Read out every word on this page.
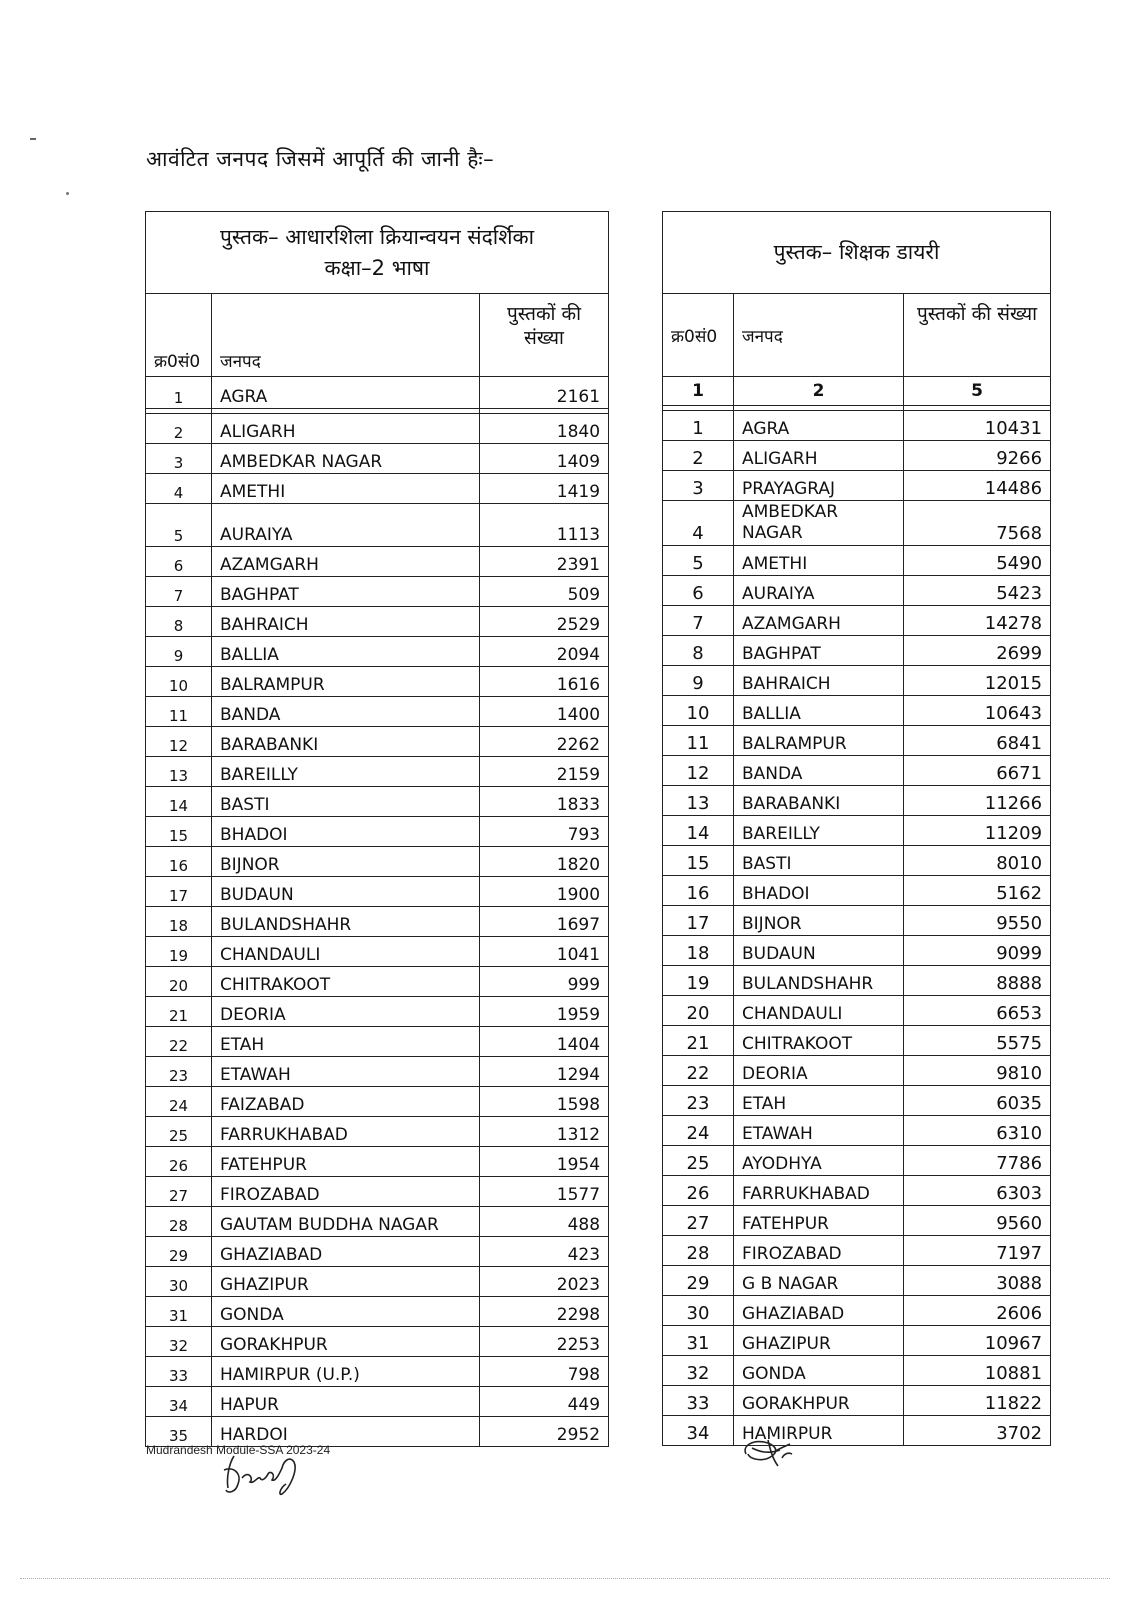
आवंटित जनपद जिसमें आपूर्ति की जानी हैः–
पुस्तक– आधारशिला क्रियान्वयन संदर्शिका
कक्षा–2 भाषा		

क्र0सं0	जनपद	पुस्तकों की संख्या
1	AGRA	2161

2	ALIGARH	1840
3	AMBEDKAR NAGAR	1409
4	AMETHI	1419
5	AURAIYA	1113
6	AZAMGARH	2391
7	BAGHPAT	509
8	BAHRAICH	2529
9	BALLIA	2094
10	BALRAMPUR	1616
11	BANDA	1400
12	BARABANKI	2262
13	BAREILLY	2159
14	BASTI	1833
15	BHADOI	793
16	BIJNOR	1820
17	BUDAUN	1900
18	BULANDSHAHR	1697
19	CHANDAULI	1041
20	CHITRAKOOT	999
21	DEORIA	1959
22	ETAH	1404
23	ETAWAH	1294
24	FAIZABAD	1598
25	FARRUKHABAD	1312
26	FATEHPUR	1954
27	FIROZABAD	1577
28	GAUTAM BUDDHA NAGAR	488
29	GHAZIABAD	423
30	GHAZIPUR	2023
31	GONDA	2298
32	GORAKHPUR	2253
33	HAMIRPUR (U.P.)	798
34	HAPUR	449
35	HARDOI	2952
पुस्तक– शिक्षक डायरी		
क्र0सं0	जनपद	पुस्तकों की संख्या
1	2	5

1	AGRA	10431
2	ALIGARH	9266
3	PRAYAGRAJ	14486
4	AMBEDKAR NAGAR	7568
5	AMETHI	5490
6	AURAIYA	5423
7	AZAMGARH	14278
8	BAGHPAT	2699
9	BAHRAICH	12015
10	BALLIA	10643
11	BALRAMPUR	6841
12	BANDA	6671
13	BARABANKI	11266
14	BAREILLY	11209
15	BASTI	8010
16	BHADOI	5162
17	BIJNOR	9550
18	BUDAUN	9099
19	BULANDSHAHR	8888
20	CHANDAULI	6653
21	CHITRAKOOT	5575
22	DEORIA	9810
23	ETAH	6035
24	ETAWAH	6310
25	AYODHYA	7786
26	FARRUKHABAD	6303
27	FATEHPUR	9560
28	FIROZABAD	7197
29	G B NAGAR	3088
30	GHAZIABAD	2606
31	GHAZIPUR	10967
32	GONDA	10881
33	GORAKHPUR	11822
34	HAMIRPUR	3702
Mudrandesh Module-SSA 2023-24
